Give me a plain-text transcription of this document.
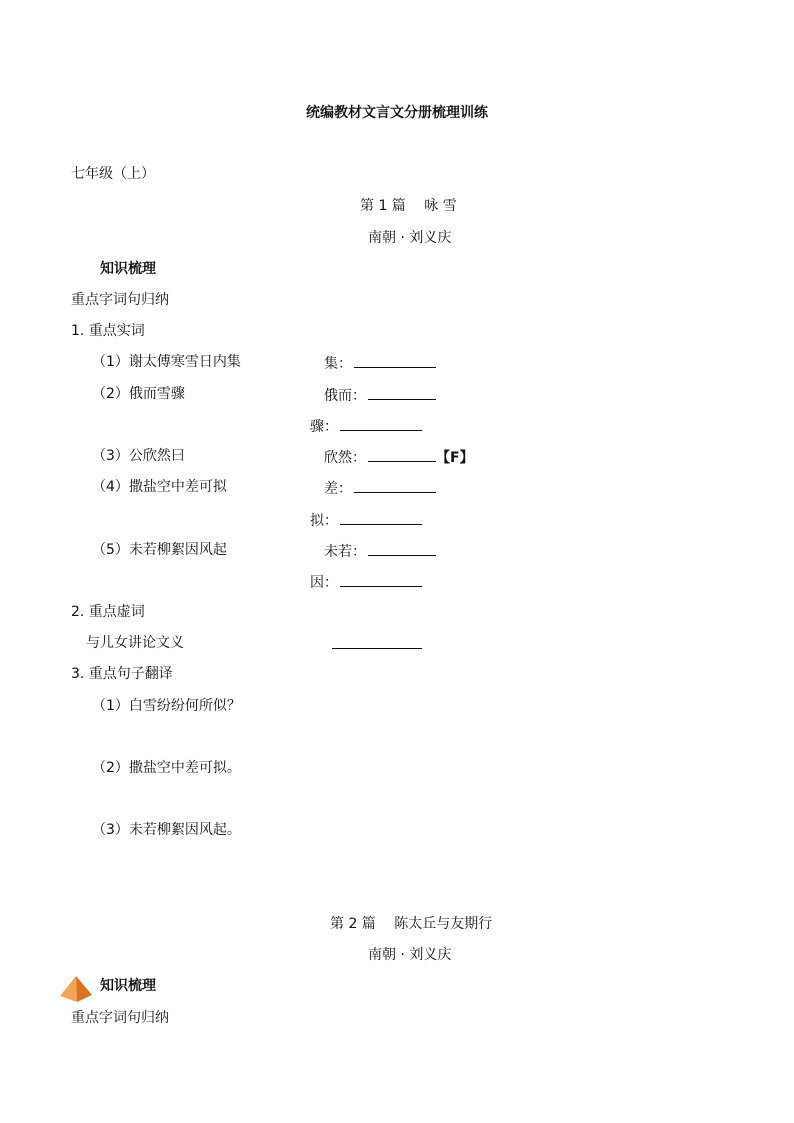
统编教材文言文分册梳理训练
七年级（上）
第 1 篇　 咏 雪
南朝 · 刘义庆
知识梳理
重点字词句归纳
1. 重点实词
（1）谢太傅寒雪日内集	集：
（2）俄而雪骤	俄而：
骤：
（3）公欣然曰	欣然：	【F】
（4）撒盐空中差可拟	差：
拟：
（5）未若柳絮因风起	未若：
因：
2. 重点虚词
与儿女讲论文义
3. 重点句子翻译
（1）白雪纷纷何所似？
（2）撒盐空中差可拟。
（3）未若柳絮因风起。
第 2 篇　 陈太丘与友期行
南朝 · 刘义庆
知识梳理
重点字词句归纳
